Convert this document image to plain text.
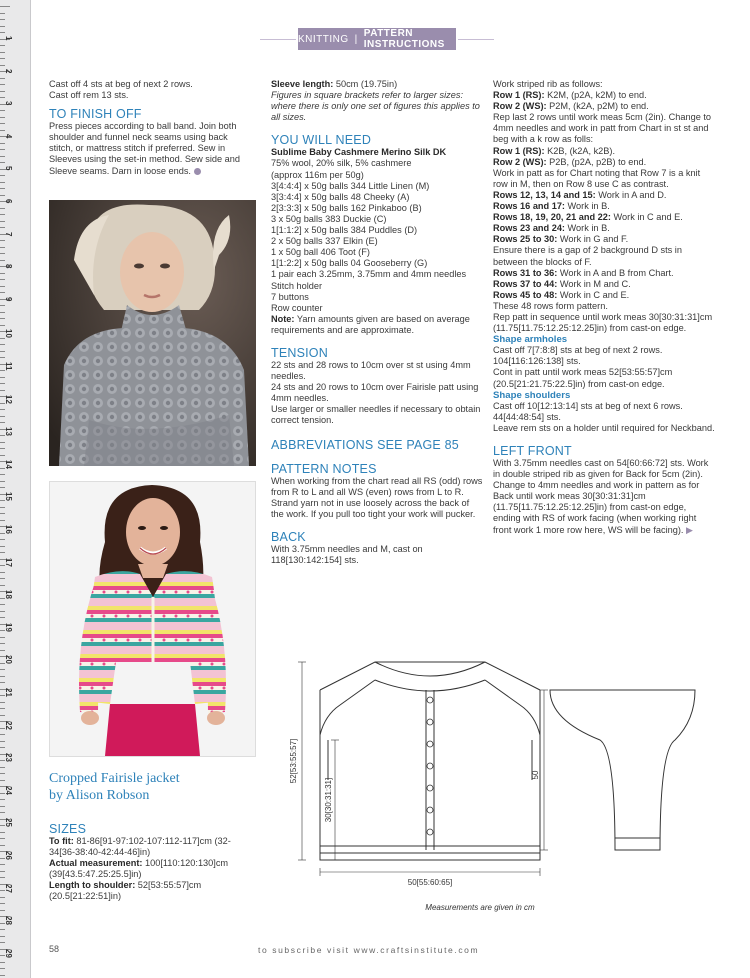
1
2
3
4
5
6
7
8
9
10
11
12
13
14
15
16
17
18
19
20
21
22
23
24
25
26
27
28
29
KNITTING | PATTERN INSTRUCTIONS

Cast off 4 sts at beg of next 2 rows.

Cast off rem 13 sts.

TO FINISH OFF

Press pieces according to ball band. Join both shoulder and funnel neck seams using back stitch, or mattress stitch if preferred. Sew in Sleeves using the set-in method. Sew side and Sleeve seams. Darn in loose ends.

Cropped Fairisle jacket
by Alison Robson

SIZES

To fit: 81-86[91-97:102-107:112-117]cm (32-34[36-38:40-42:44-46]in)

Actual measurement: 100[110:120:130]cm (39[43.5:47.25:25.5]in)

Length to shoulder: 52[53:55:57]cm (20.5[21:22:51]in)

Sleeve length: 50cm (19.75in)

Figures in square brackets refer to larger sizes: where there is only one set of figures this applies to all sizes.

YOU WILL NEED

Sublime Baby Cashmere Merino Silk DK

75% wool, 20% silk, 5% cashmere

(approx 116m per 50g)

3[4:4:4] x 50g balls 344 Little Linen (M)

3[3:4:4] x 50g balls 48 Cheeky (A)

2[3:3:3] x 50g balls 162 Pinkaboo (B)

3 x 50g balls 383 Duckie (C)

1[1:1:2] x 50g balls 384 Puddles (D)

2 x 50g balls 337 Elkin (E)

1 x 50g ball 406 Toot (F)

1[1:2:2] x 50g balls 04 Gooseberry (G)

1 pair each 3.25mm, 3.75mm and 4mm needles

Stitch holder

7 buttons

Row counter

Note: Yarn amounts given are based on average requirements and are approximate.

TENSION

22 sts and 28 rows to 10cm over st st using 4mm needles.

24 sts and 20 rows to 10cm over Fairisle patt using 4mm needles.

Use larger or smaller needles if necessary to obtain correct tension.

ABBREVIATIONS SEE PAGE 85

PATTERN NOTES

When working from the chart read all RS (odd) rows from R to L and all WS (even) rows from L to R. Strand yarn not in use loosely across the back of the work. If you pull too tight your work will pucker.

BACK

With 3.75mm needles and M, cast on 118[130:142:154] sts.

Work striped rib as follows:

Row 1 (RS): K2M, (p2A, k2M) to end.

Row 2 (WS): P2M, (k2A, p2M) to end.

Rep last 2 rows until work meas 5cm (2in). Change to 4mm needles and work in patt from Chart in st st and beg with a k row as folls:

Row 1 (RS): K2B, (k2A, k2B).

Row 2 (WS): P2B, (p2A, p2B) to end.

Work in patt as for Chart noting that Row 7 is a knit row in M, then on Row 8 use C as contrast.

Rows 12, 13, 14 and 15: Work in A and D.

Rows 16 and 17: Work in B.

Rows 18, 19, 20, 21 and 22: Work in C and E.

Rows 23 and 24: Work in B.

Rows 25 to 30: Work in G and F.

Ensure there is a gap of 2 background D sts in between the blocks of F.

Rows 31 to 36: Work in A and B from Chart.

Rows 37 to 44: Work in M and C.

Rows 45 to 48: Work in C and E.

These 48 rows form pattern.

Rep patt in sequence until work meas 30[30:31:31]cm (11.75[11.75:12.25:12.25]in) from cast-on edge.

Shape armholes

Cast off 7[7:8:8] sts at beg of next 2 rows. 104[116:126:138] sts.

Cont in patt until work meas 52[53:55:57]cm (20.5[21:21.75:22.5]in) from cast-on edge.

Shape shoulders

Cast off 10[12:13:14] sts at beg of next 6 rows. 44[44:48:54] sts.

Leave rem sts on a holder until required for Neckband.

LEFT FRONT

With 3.75mm needles cast on 54[60:66:72] sts. Work in double striped rib as given for Back for 5cm (2in).

Change to 4mm needles and work in pattern as for Back until work meas 30[30:31:31]cm (11.75[11.75:12.25:12.25]in) from cast-on edge, ending with RS of work facing (when working right front work 1 more row here, WS will be facing). ▶

52[53:55:57]
30[30:31:31]
50[55:60:65]
50
Measurements are given in cm
58	to subscribe visit www.craftsinstitute.com
